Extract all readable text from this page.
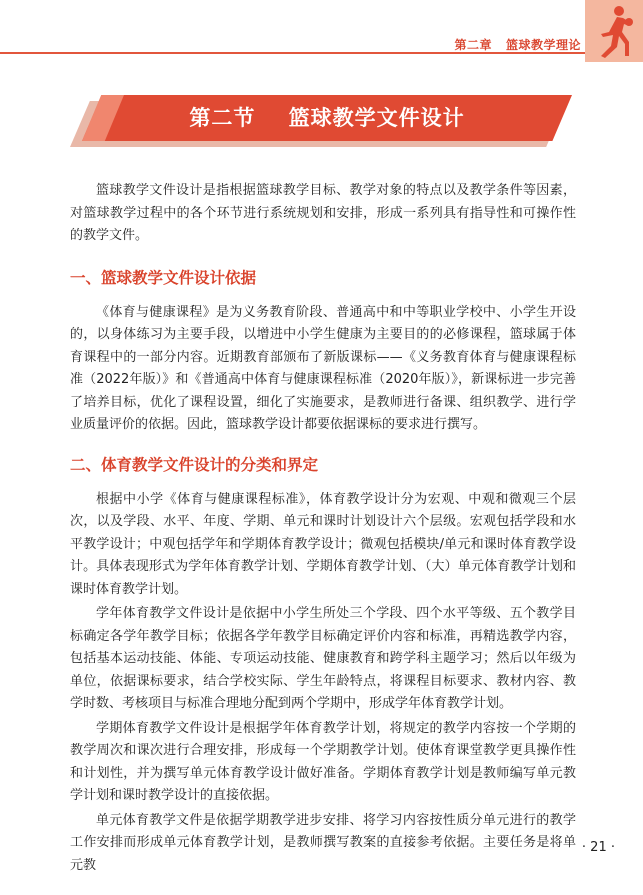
第二章 篮球教学理论
第二节    篮球教学文件设计

篮球教学文件设计是指根据篮球教学目标、教学对象的特点以及教学条件等因素，对篮球教学过程中的各个环节进行系统规划和安排，形成一系列具有指导性和可操作性的教学文件。

一、篮球教学文件设计依据

《体育与健康课程》是为义务教育阶段、普通高中和中等职业学校中、小学生开设的，以身体练习为主要手段，以增进中小学生健康为主要目的的必修课程，篮球属于体育课程中的一部分内容。近期教育部颁布了新版课标——《义务教育体育与健康课程标准（2022年版）》和《普通高中体育与健康课程标准（2020年版）》，新课标进一步完善了培养目标，优化了课程设置，细化了实施要求，是教师进行备课、组织教学、进行学业质量评价的依据。因此，篮球教学设计都要依据课标的要求进行撰写。

二、体育教学文件设计的分类和界定

根据中小学《体育与健康课程标准》，体育教学设计分为宏观、中观和微观三个层次，以及学段、水平、年度、学期、单元和课时计划设计六个层级。宏观包括学段和水平教学设计；中观包括学年和学期体育教学设计；微观包括模块/单元和课时体育教学设计。具体表现形式为学年体育教学计划、学期体育教学计划、（大）单元体育教学计划和课时体育教学计划。

学年体育教学文件设计是依据中小学生所处三个学段、四个水平等级、五个教学目标确定各学年教学目标；依据各学年教学目标确定评价内容和标准，再精选教学内容，包括基本运动技能、体能、专项运动技能、健康教育和跨学科主题学习；然后以年级为单位，依据课标要求，结合学校实际、学生年龄特点，将课程目标要求、教材内容、教学时数、考核项目与标准合理地分配到两个学期中，形成学年体育教学计划。

学期体育教学文件设计是根据学年体育教学计划，将规定的教学内容按一个学期的教学周次和课次进行合理安排，形成每一个学期教学计划。使体育课堂教学更具操作性和计划性，并为撰写单元体育教学设计做好准备。学期体育教学计划是教师编写单元教学计划和课时教学设计的直接依据。

单元体育教学文件是依据学期教学进步安排、将学习内容按性质分单元进行的教学工作安排而形成单元体育教学计划，是教师撰写教案的直接参考依据。主要任务是将单元教

· 21 ·
